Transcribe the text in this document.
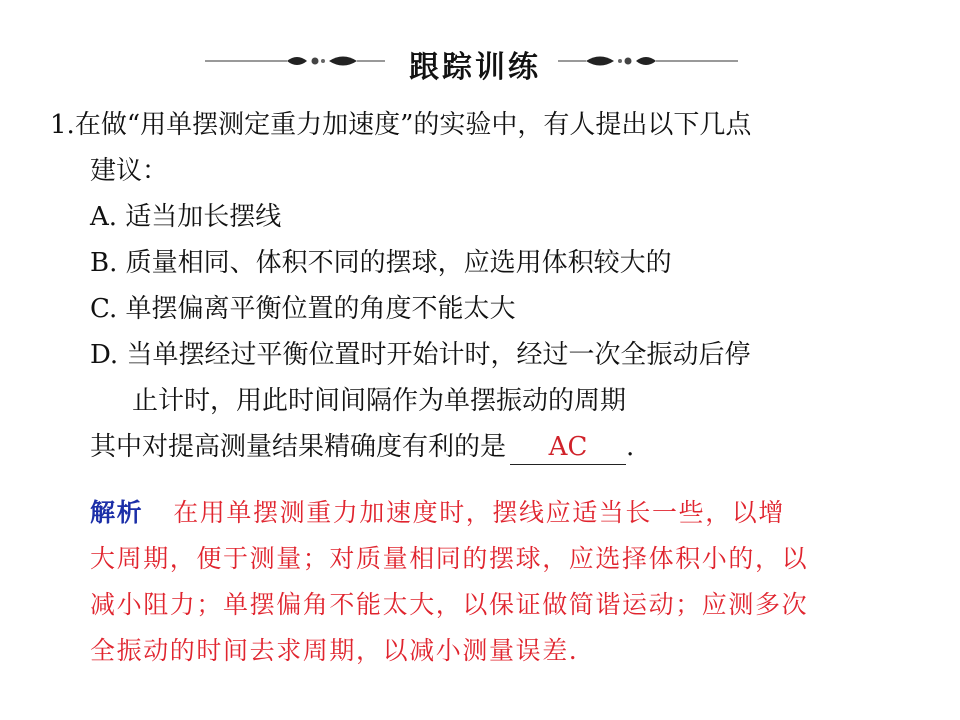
跟踪训练
1.在做“用单摆测定重力加速度”的实验中，有人提出以下几点
建议：
A. 适当加长摆线
B. 质量相同、体积不同的摆球，应选用体积较大的
C. 单摆偏离平衡位置的角度不能太大
D. 当单摆经过平衡位置时开始计时，经过一次全振动后停
止计时，用此时间间隔作为单摆振动的周期
其中对提高测量结果精确度有利的是 AC .
解析 在用单摆测重力加速度时，摆线应适当长一些，以增
大周期，便于测量；对质量相同的摆球，应选择体积小的，以
减小阻力；单摆偏角不能太大，以保证做简谐运动；应测多次
全振动的时间去求周期，以减小测量误差.
